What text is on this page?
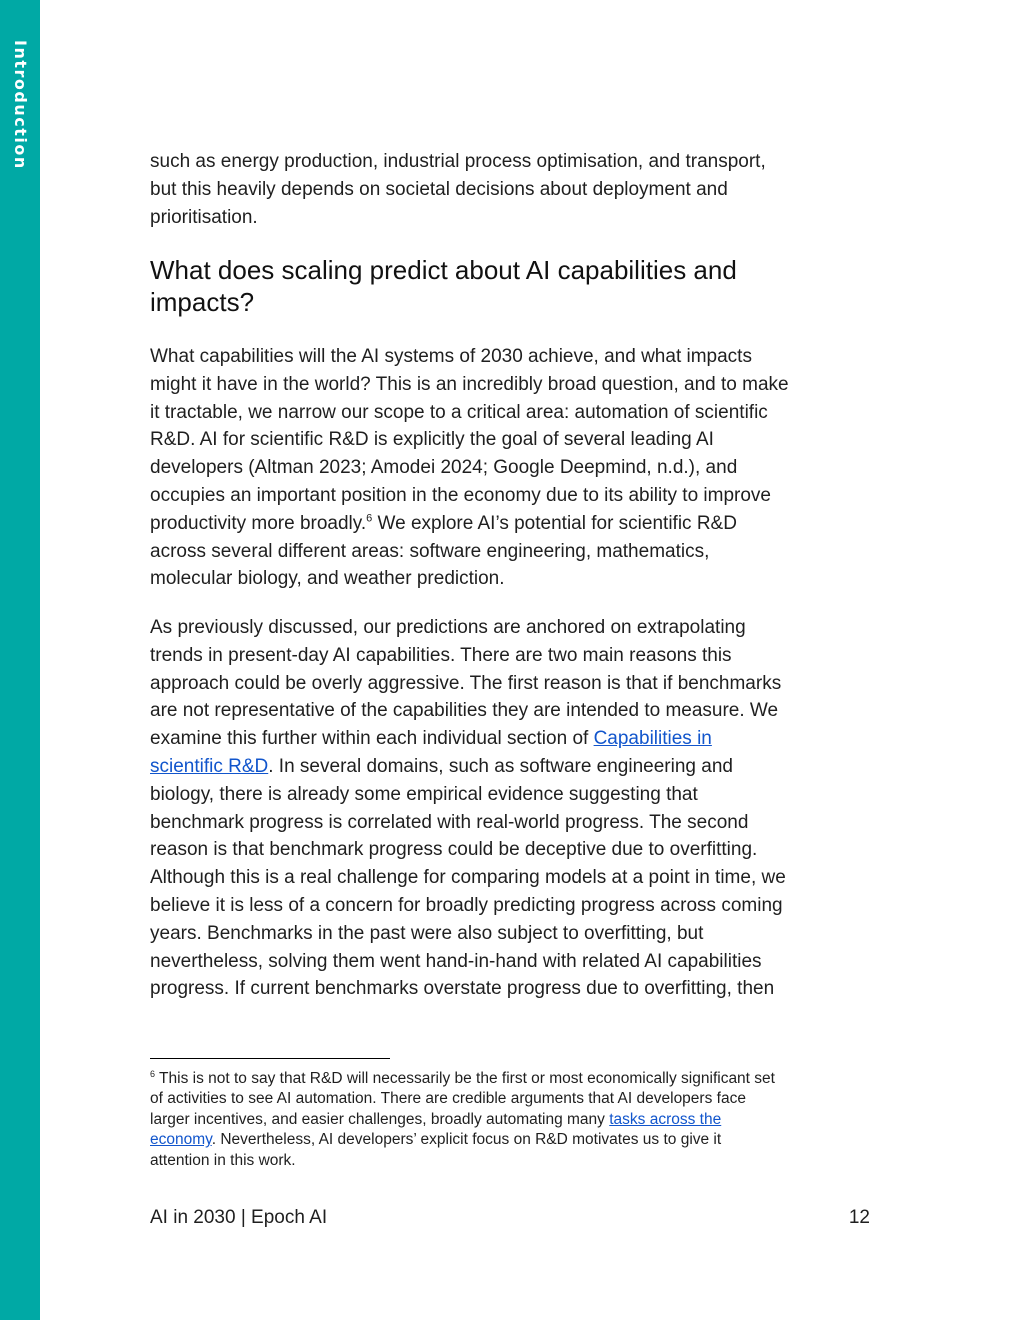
Introduction	such as energy production, industrial process optimisation, and transport,
but this heavily depends on societal decisions about deployment and
prioritisation.

What does scaling predict about AI capabilities and
impacts?

What capabilities will the AI systems of 2030 achieve, and what impacts
might it have in the world? This is an incredibly broad question, and to make
it tractable, we narrow our scope to a critical area: automation of scientific
R&D. AI for scientific R&D is explicitly the goal of several leading AI
developers (Altman 2023; Amodei 2024; Google Deepmind, n.d.), and
occupies an important position in the economy due to its ability to improve
productivity more broadly.$^6$ We explore AI’s potential for scientific R&D
across several different areas: software engineering, mathematics,
molecular biology, and weather prediction.

As previously discussed, our predictions are anchored on extrapolating
trends in present-day AI capabilities. There are two main reasons this
approach could be overly aggressive. The first reason is that if benchmarks
are not representative of the capabilities they are intended to measure. We
examine this further within each individual section of Capabilities in
scientific R&D. In several domains, such as software engineering and
biology, there is already some empirical evidence suggesting that
benchmark progress is correlated with real-world progress. The second
reason is that benchmark progress could be deceptive due to overfitting.
Although this is a real challenge for comparing models at a point in time, we
believe it is less of a concern for broadly predicting progress across coming
years. Benchmarks in the past were also subject to overfitting, but
nevertheless, solving them went hand-in-hand with related AI capabilities
progress. If current benchmarks overstate progress due to overfitting, then

$^6$ This is not to say that R&D will necessarily be the first or most economically significant set
of activities to see AI automation. There are credible arguments that AI developers face
larger incentives, and easier challenges, broadly automating many tasks across the
economy. Nevertheless, AI developers’ explicit focus on R&D motivates us to give it
attention in this work.

AI in 2030 | Epoch AI	12
